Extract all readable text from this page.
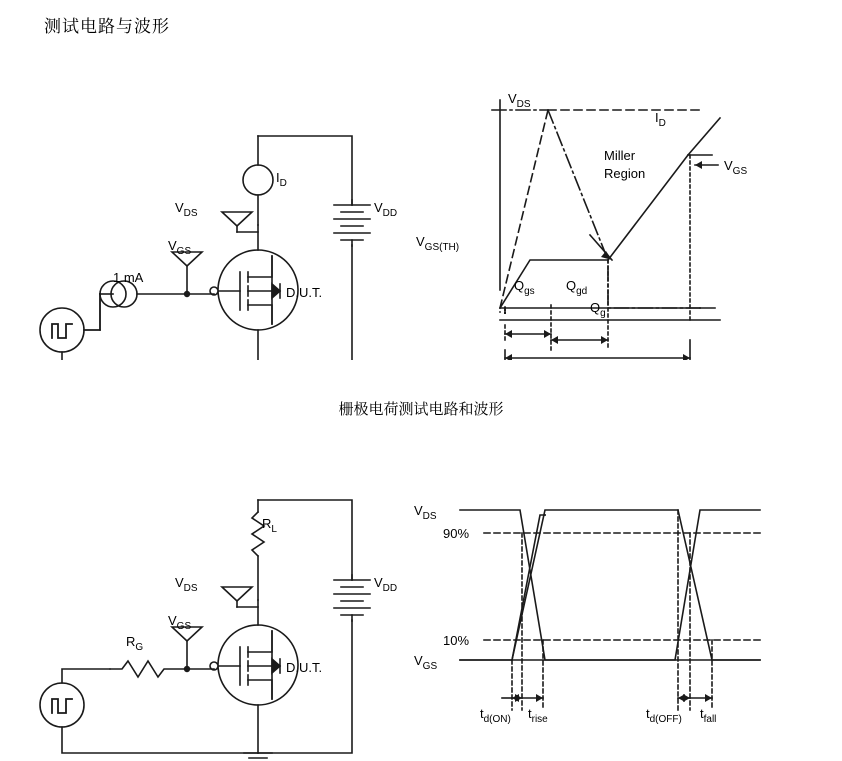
测试电路与波形
栅极电荷测试电路和波形
$I_D$
$V_{DS}$
$V_{GS}$
$V_{DD}$
D.U.T.
1 mA
$V_{DS}$
$I_D$
$V_{GS}$
$V_{GS(TH)}$
Miller
Region
$Q_{gs}$ $Q_{gd}$
$Q_g$
$R_L$
$V_{DS}$
$V_{GS}$
$V_{DD}$
$R_G$
D.U.T.
$V_{DS}$
$V_{GS}$
90%
10%
$t_{d(ON)}$ $t_{rise}$	$t_{d(OFF)}$ $t_{fall}$
